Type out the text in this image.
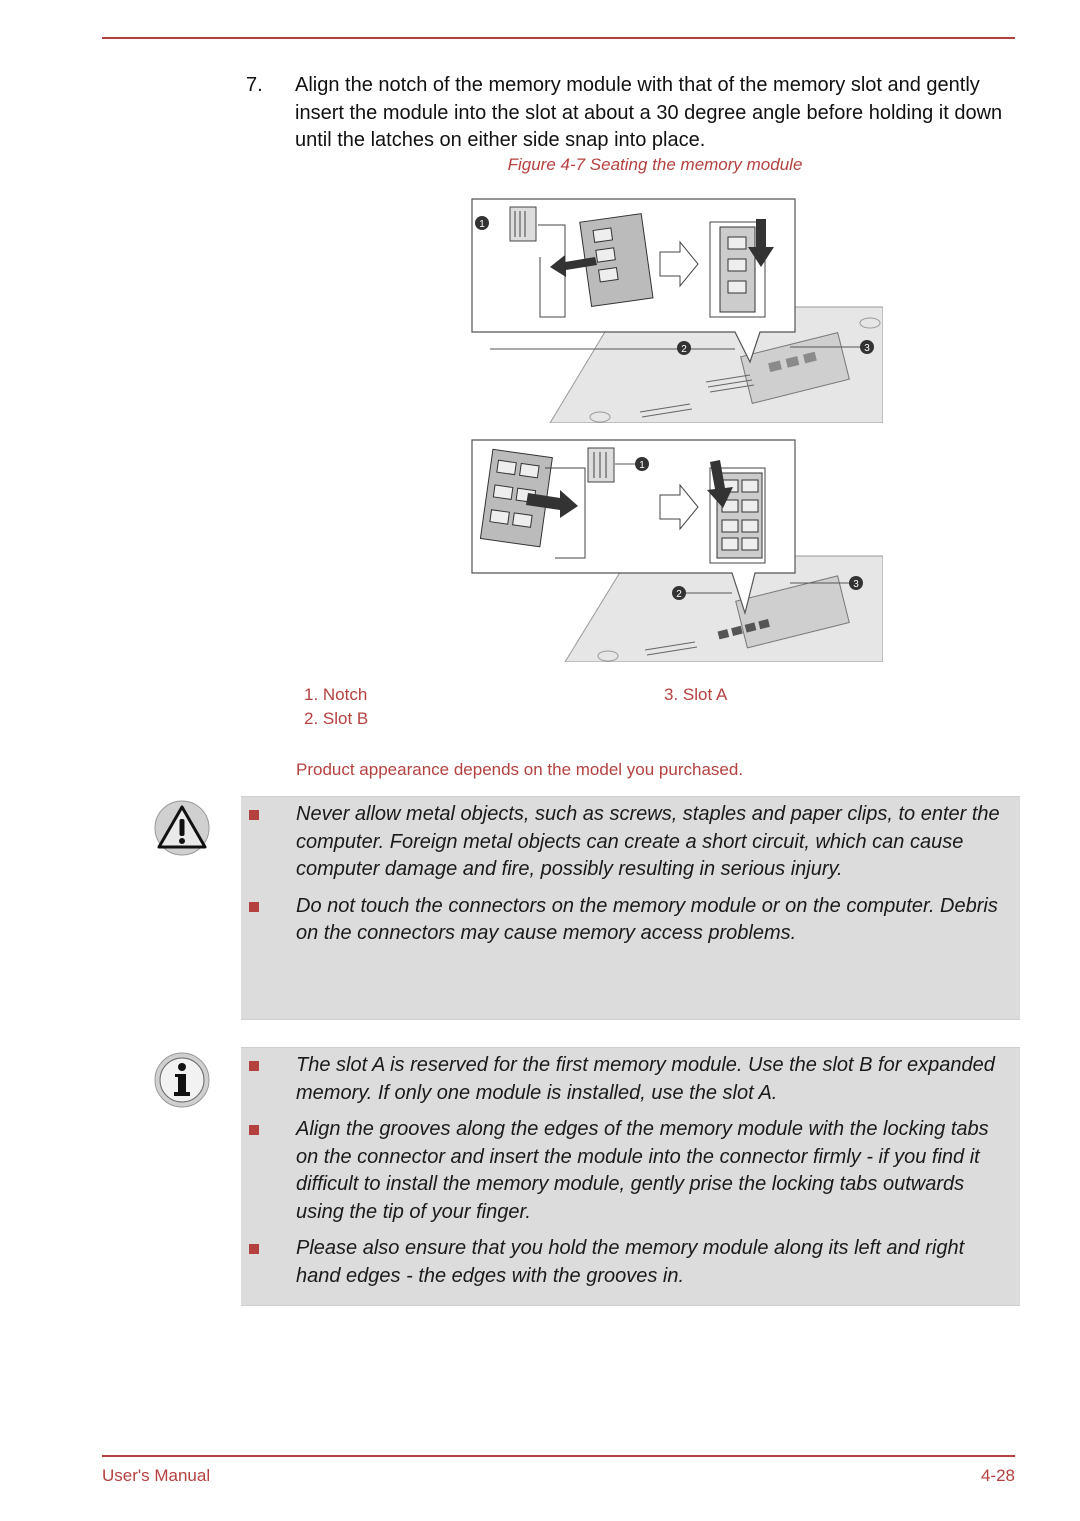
7. Align the notch of the memory module with that of the memory slot and gently insert the module into the slot at about a 30 degree angle before holding it down until the latches on either side snap into place.
Figure 4-7 Seating the memory module
1
2	3
1
2
3
1. Notch
2. Slot B
3. Slot A
Product appearance depends on the model you purchased.
Never allow metal objects, such as screws, staples and paper clips, to enter the computer. Foreign metal objects can create a short circuit, which can cause computer damage and fire, possibly resulting in serious injury.
Do not touch the connectors on the memory module or on the computer. Debris on the connectors may cause memory access problems.
The slot A is reserved for the first memory module. Use the slot B for expanded memory. If only one module is installed, use the slot A.
Align the grooves along the edges of the memory module with the locking tabs on the connector and insert the module into the connector firmly - if you find it difficult to install the memory module, gently prise the locking tabs outwards using the tip of your finger.
Please also ensure that you hold the memory module along its left and right hand edges - the edges with the grooves in.
User's Manual	4-28
